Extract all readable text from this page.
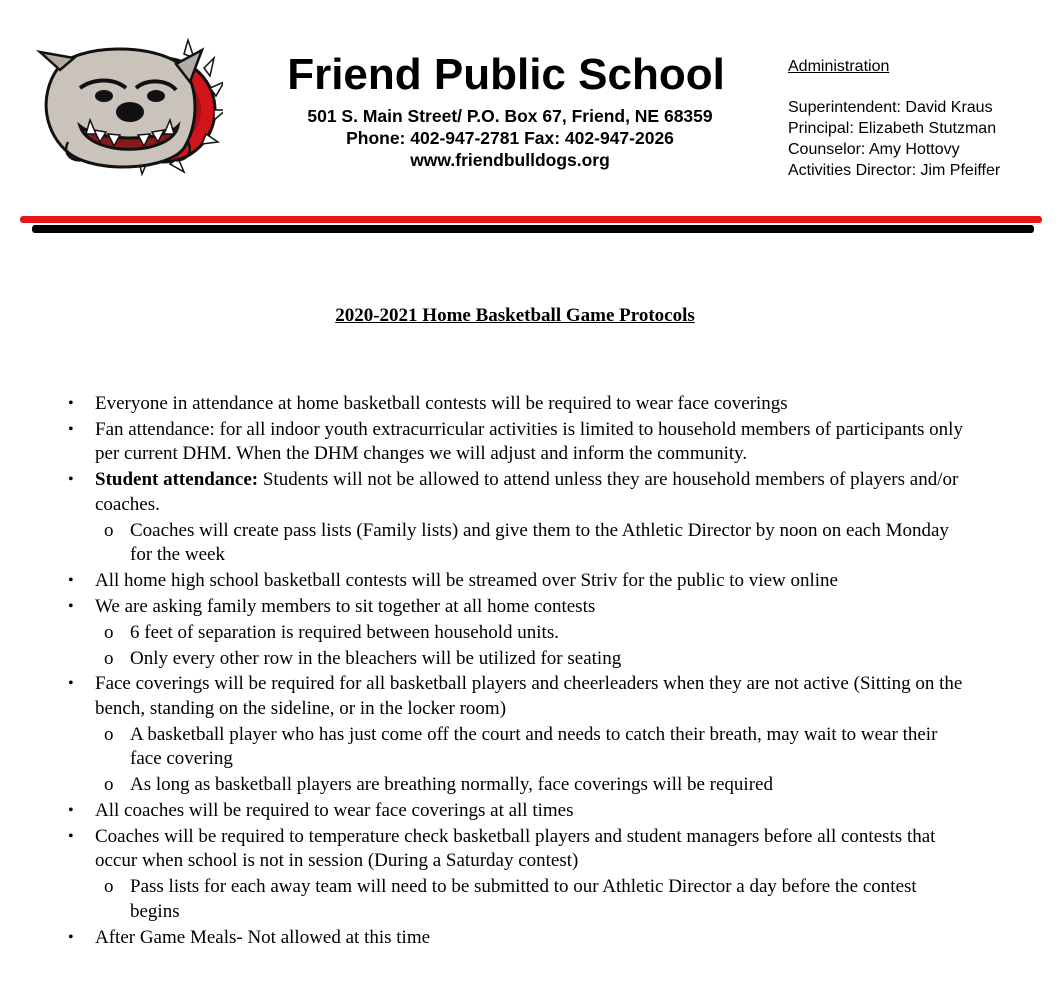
Friend Public School
501 S. Main Street/ P.O. Box 67, Friend, NE 68359
Phone: 402-947-2781 Fax: 402-947-2026
www.friendbulldogs.org
Administration
Superintendent: David Kraus
Principal: Elizabeth Stutzman
Counselor: Amy Hottovy
Activities Director: Jim Pfeiffer
2020-2021 Home Basketball Game Protocols
• Everyone in attendance at home basketball contests will be required to wear face coverings
• Fan attendance: for all indoor youth extracurricular activities is limited to household members of participants only per current DHM. When the DHM changes we will adjust and inform the community.
• Student attendance: Students will not be allowed to attend unless they are household members of players and/or coaches.
o Coaches will create pass lists (Family lists) and give them to the Athletic Director by noon on each Monday for the week
• All home high school basketball contests will be streamed over Striv for the public to view online
• We are asking family members to sit together at all home contests
o 6 feet of separation is required between household units.
o Only every other row in the bleachers will be utilized for seating
• Face coverings will be required for all basketball players and cheerleaders when they are not active (Sitting on the bench, standing on the sideline, or in the locker room)
o A basketball player who has just come off the court and needs to catch their breath, may wait to wear their face covering
o As long as basketball players are breathing normally, face coverings will be required
• All coaches will be required to wear face coverings at all times
• Coaches will be required to temperature check basketball players and student managers before all contests that occur when school is not in session (During a Saturday contest)
o Pass lists for each away team will need to be submitted to our Athletic Director a day before the contest begins
• After Game Meals- Not allowed at this time
